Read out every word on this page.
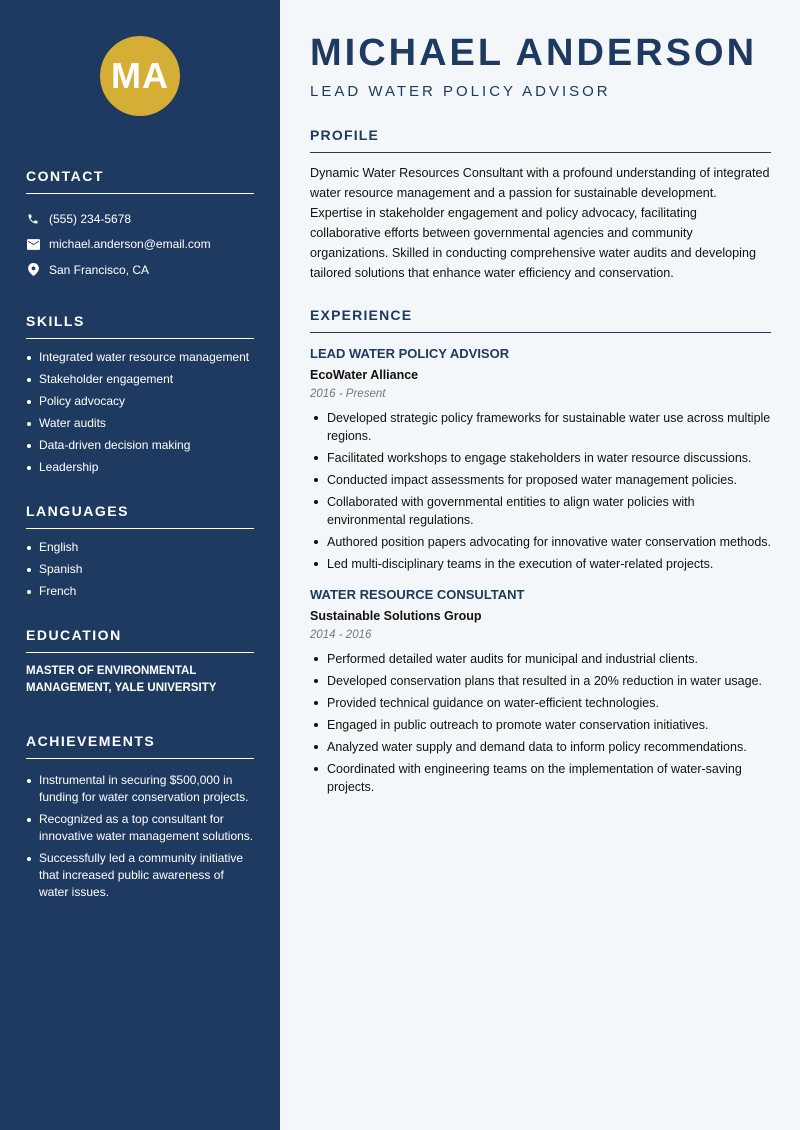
MA
CONTACT
(555) 234-5678
michael.anderson@email.com
San Francisco, CA
SKILLS
Integrated water resource management
Stakeholder engagement
Policy advocacy
Water audits
Data-driven decision making
Leadership
LANGUAGES
English
Spanish
French
EDUCATION
MASTER OF ENVIRONMENTAL MANAGEMENT, YALE UNIVERSITY
ACHIEVEMENTS
Instrumental in securing $500,000 in funding for water conservation projects.
Recognized as a top consultant for innovative water management solutions.
Successfully led a community initiative that increased public awareness of water issues.
MICHAEL ANDERSON
LEAD WATER POLICY ADVISOR
PROFILE

Dynamic Water Resources Consultant with a profound understanding of integrated water resource management and a passion for sustainable development. Expertise in stakeholder engagement and policy advocacy, facilitating collaborative efforts between governmental agencies and community organizations. Skilled in conducting comprehensive water audits and developing tailored solutions that enhance water efficiency and conservation.

EXPERIENCE
LEAD WATER POLICY ADVISOR
EcoWater Alliance
2016 - Present
Developed strategic policy frameworks for sustainable water use across multiple regions.
Facilitated workshops to engage stakeholders in water resource discussions.
Conducted impact assessments for proposed water management policies.
Collaborated with governmental entities to align water policies with environmental regulations.
Authored position papers advocating for innovative water conservation methods.
Led multi-disciplinary teams in the execution of water-related projects.
WATER RESOURCE CONSULTANT
Sustainable Solutions Group
2014 - 2016
Performed detailed water audits for municipal and industrial clients.
Developed conservation plans that resulted in a 20% reduction in water usage.
Provided technical guidance on water-efficient technologies.
Engaged in public outreach to promote water conservation initiatives.
Analyzed water supply and demand data to inform policy recommendations.
Coordinated with engineering teams on the implementation of water-saving projects.
